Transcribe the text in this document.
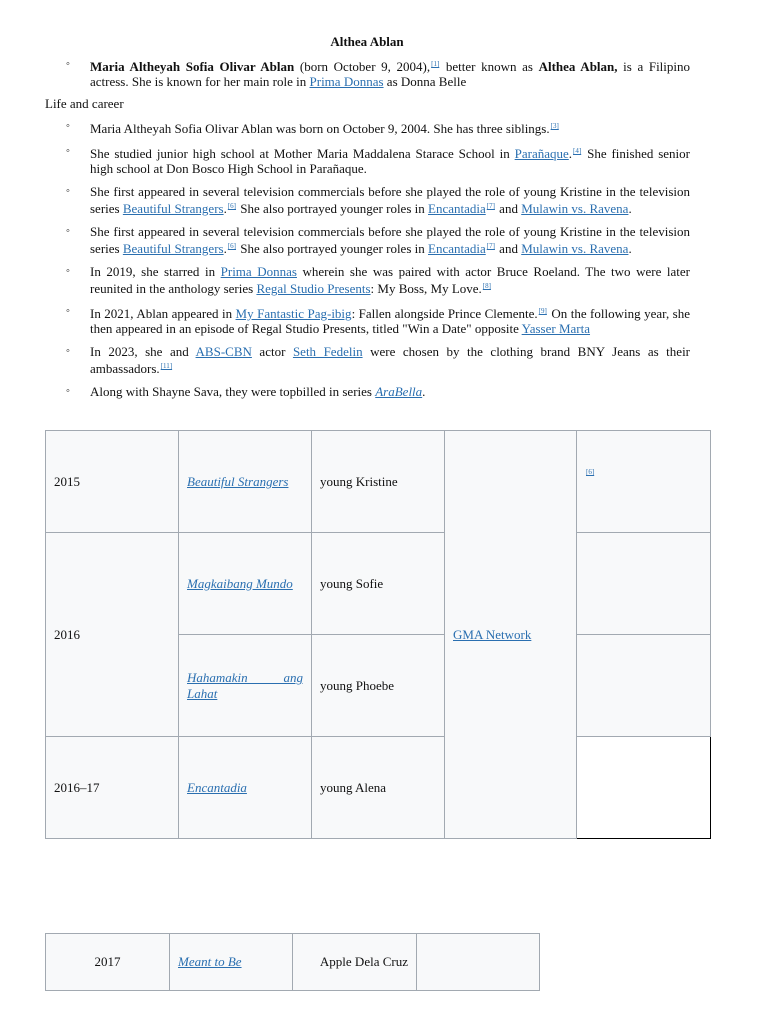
Althea Ablan
◦ Maria Altheyah Sofia Olivar Ablan (born October 9, 2004),[1] better known as Althea Ablan, is a Filipino actress. She is known for her main role in Prima Donnas as Donna Belle
Life and career
◦ Maria Altheyah Sofia Olivar Ablan was born on October 9, 2004. She has three siblings.[3]
◦ She studied junior high school at Mother Maria Maddalena Starace School in Parañaque.[4] She finished senior high school at Don Bosco High School in Parañaque.
◦ She first appeared in several television commercials before she played the role of young Kristine in the television series Beautiful Strangers.[6] She also portrayed younger roles in Encantadia[7] and Mulawin vs. Ravena.
◦ She first appeared in several television commercials before she played the role of young Kristine in the television series Beautiful Strangers.[6] She also portrayed younger roles in Encantadia[7] and Mulawin vs. Ravena.
◦ In 2019, she starred in Prima Donnas wherein she was paired with actor Bruce Roeland. The two were later reunited in the anthology series Regal Studio Presents: My Boss, My Love.[8]
◦ In 2021, Ablan appeared in My Fantastic Pag-ibig: Fallen alongside Prince Clemente.[9] On the following year, she then appeared in an episode of Regal Studio Presents, titled "Win a Date" opposite Yasser Marta
◦ In 2023, she and ABS-CBN actor Seth Fedelin were chosen by the clothing brand BNY Jeans as their ambassadors.[11]
◦ Along with Shayne Sava, they were topbilled in series AraBella.
2015	Beautiful Strangers	young Kristine	GMA Network	[6]
2016	Magkaibang Mundo	young Sofie		

	Hahamakin ang Lahat	young Phoebe		
2016–17	Encantadia	young Alena		
2017	Meant to Be	Apple Dela Cruz	
